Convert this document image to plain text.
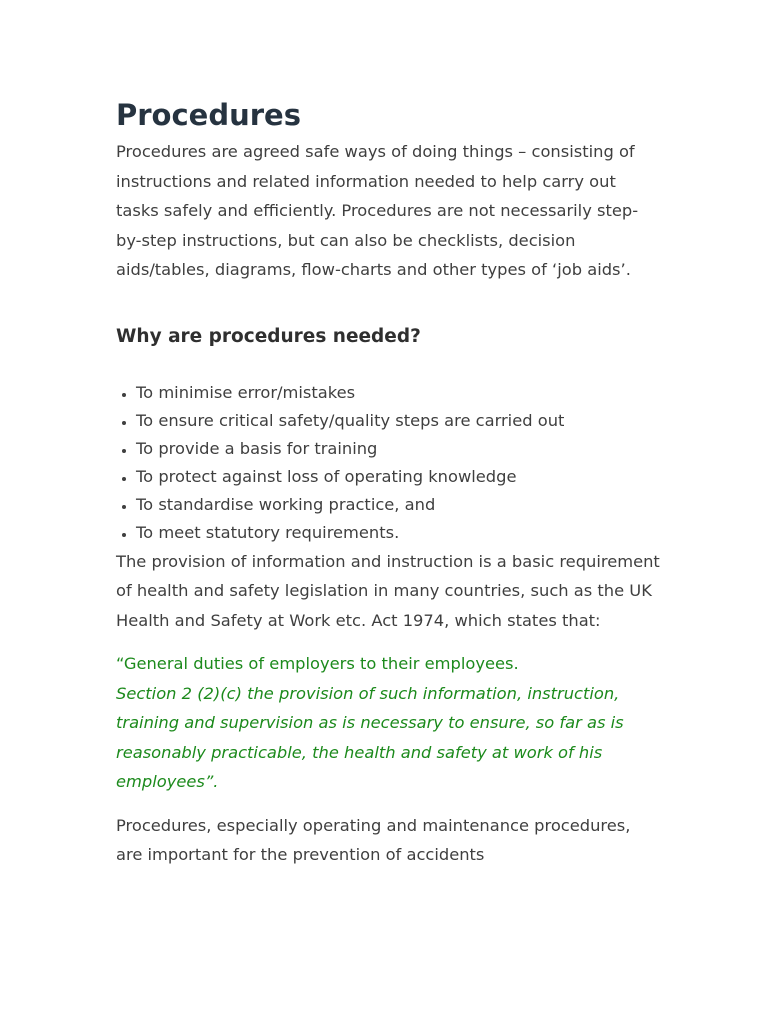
Procedures

Procedures are agreed safe ways of doing things – consisting of instructions and related information needed to help carry out tasks safely and efficiently. Procedures are not necessarily step-by-step instructions, but can also be checklists, decision aids/tables, diagrams, flow-charts and other types of ‘job aids’.

Why are procedures needed?
• To minimise error/mistakes
• To ensure critical safety/quality steps are carried out
• To provide a basis for training
• To protect against loss of operating knowledge
• To standardise working practice, and
• To meet statutory requirements.

The provision of information and instruction is a basic requirement of health and safety legislation in many countries, such as the UK Health and Safety at Work etc. Act 1974, which states that:

“General duties of employers to their employees.
Section 2 (2)(c) the provision of such information, instruction, training and supervision as is necessary to ensure, so far as is reasonably practicable, the health and safety at work of his employees”.

Procedures, especially operating and maintenance procedures, are important for the prevention of accidents
